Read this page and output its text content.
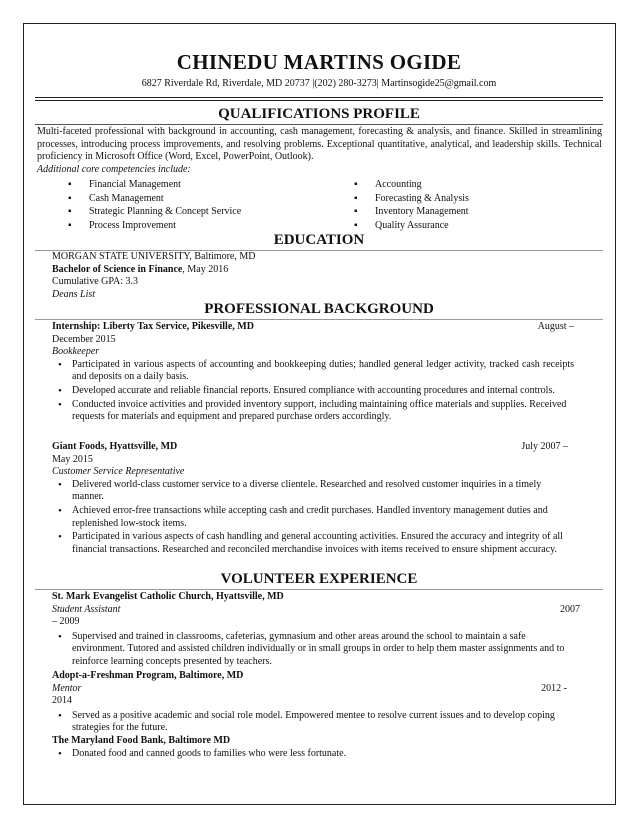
CHINEDU MARTINS OGIDE
6827 Riverdale Rd, Riverdale, MD 20737 |(202) 280-3273| Martinsogide25@gmail.com
QUALIFICATIONS PROFILE
Multi-faceted professional with background in accounting, cash management, forecasting & analysis, and finance. Skilled in streamlining processes, introducing process improvements, and resolving problems. Exceptional quantitative, analytical, and leadership skills. Technical proficiency in Microsoft Office (Word, Excel, PowerPoint, Outlook).
Additional core competencies include:
▪ Financial Management
▪ Cash Management
▪ Strategic Planning & Concept Service
▪ Process Improvement
▪ Accounting
▪ Forecasting & Analysis
▪ Inventory Management
▪ Quality Assurance
EDUCATION
MORGAN STATE UNIVERSITY, Baltimore, MD
Bachelor of Science in Finance, May 2016
Cumulative GPA: 3.3
Deans List
PROFESSIONAL BACKGROUND
Internship: Liberty Tax Service, Pikesville, MD	August –
December 2015
Bookkeeper
• Participated in various aspects of accounting and bookkeeping duties; handled general ledger activity, tracked cash receipts and deposits on a daily basis.
• Developed accurate and reliable financial reports. Ensured compliance with accounting procedures and internal controls.
• Conducted invoice activities and provided inventory support, including maintaining office materials and supplies. Received requests for materials and equipment and prepared purchase orders accordingly.
Giant Foods, Hyattsville, MD	July 2007 –
May 2015
Customer Service Representative
• Delivered world-class customer service to a diverse clientele. Researched and resolved customer inquiries in a timely manner.
• Achieved error-free transactions while accepting cash and credit purchases. Handled inventory management duties and replenished low-stock items.
• Participated in various aspects of cash handling and general accounting activities. Ensured the accuracy and integrity of all financial transactions. Researched and reconciled merchandise invoices with items received to ensure shipment accuracy.
VOLUNTEER EXPERIENCE
St. Mark Evangelist Catholic Church, Hyattsville, MD
Student Assistant	2007
– 2009
• Supervised and trained in classrooms, cafeterias, gymnasium and other areas around the school to maintain a safe environment. Tutored and assisted children individually or in small groups in order to help them master assignments and to reinforce learning concepts presented by teachers.
Adopt-a-Freshman Program, Baltimore, MD
Mentor	2012 -
2014
• Served as a positive academic and social role model. Empowered mentee to resolve current issues and to develop coping strategies for the future.
The Maryland Food Bank, Baltimore MD
• Donated food and canned goods to families who were less fortunate.
